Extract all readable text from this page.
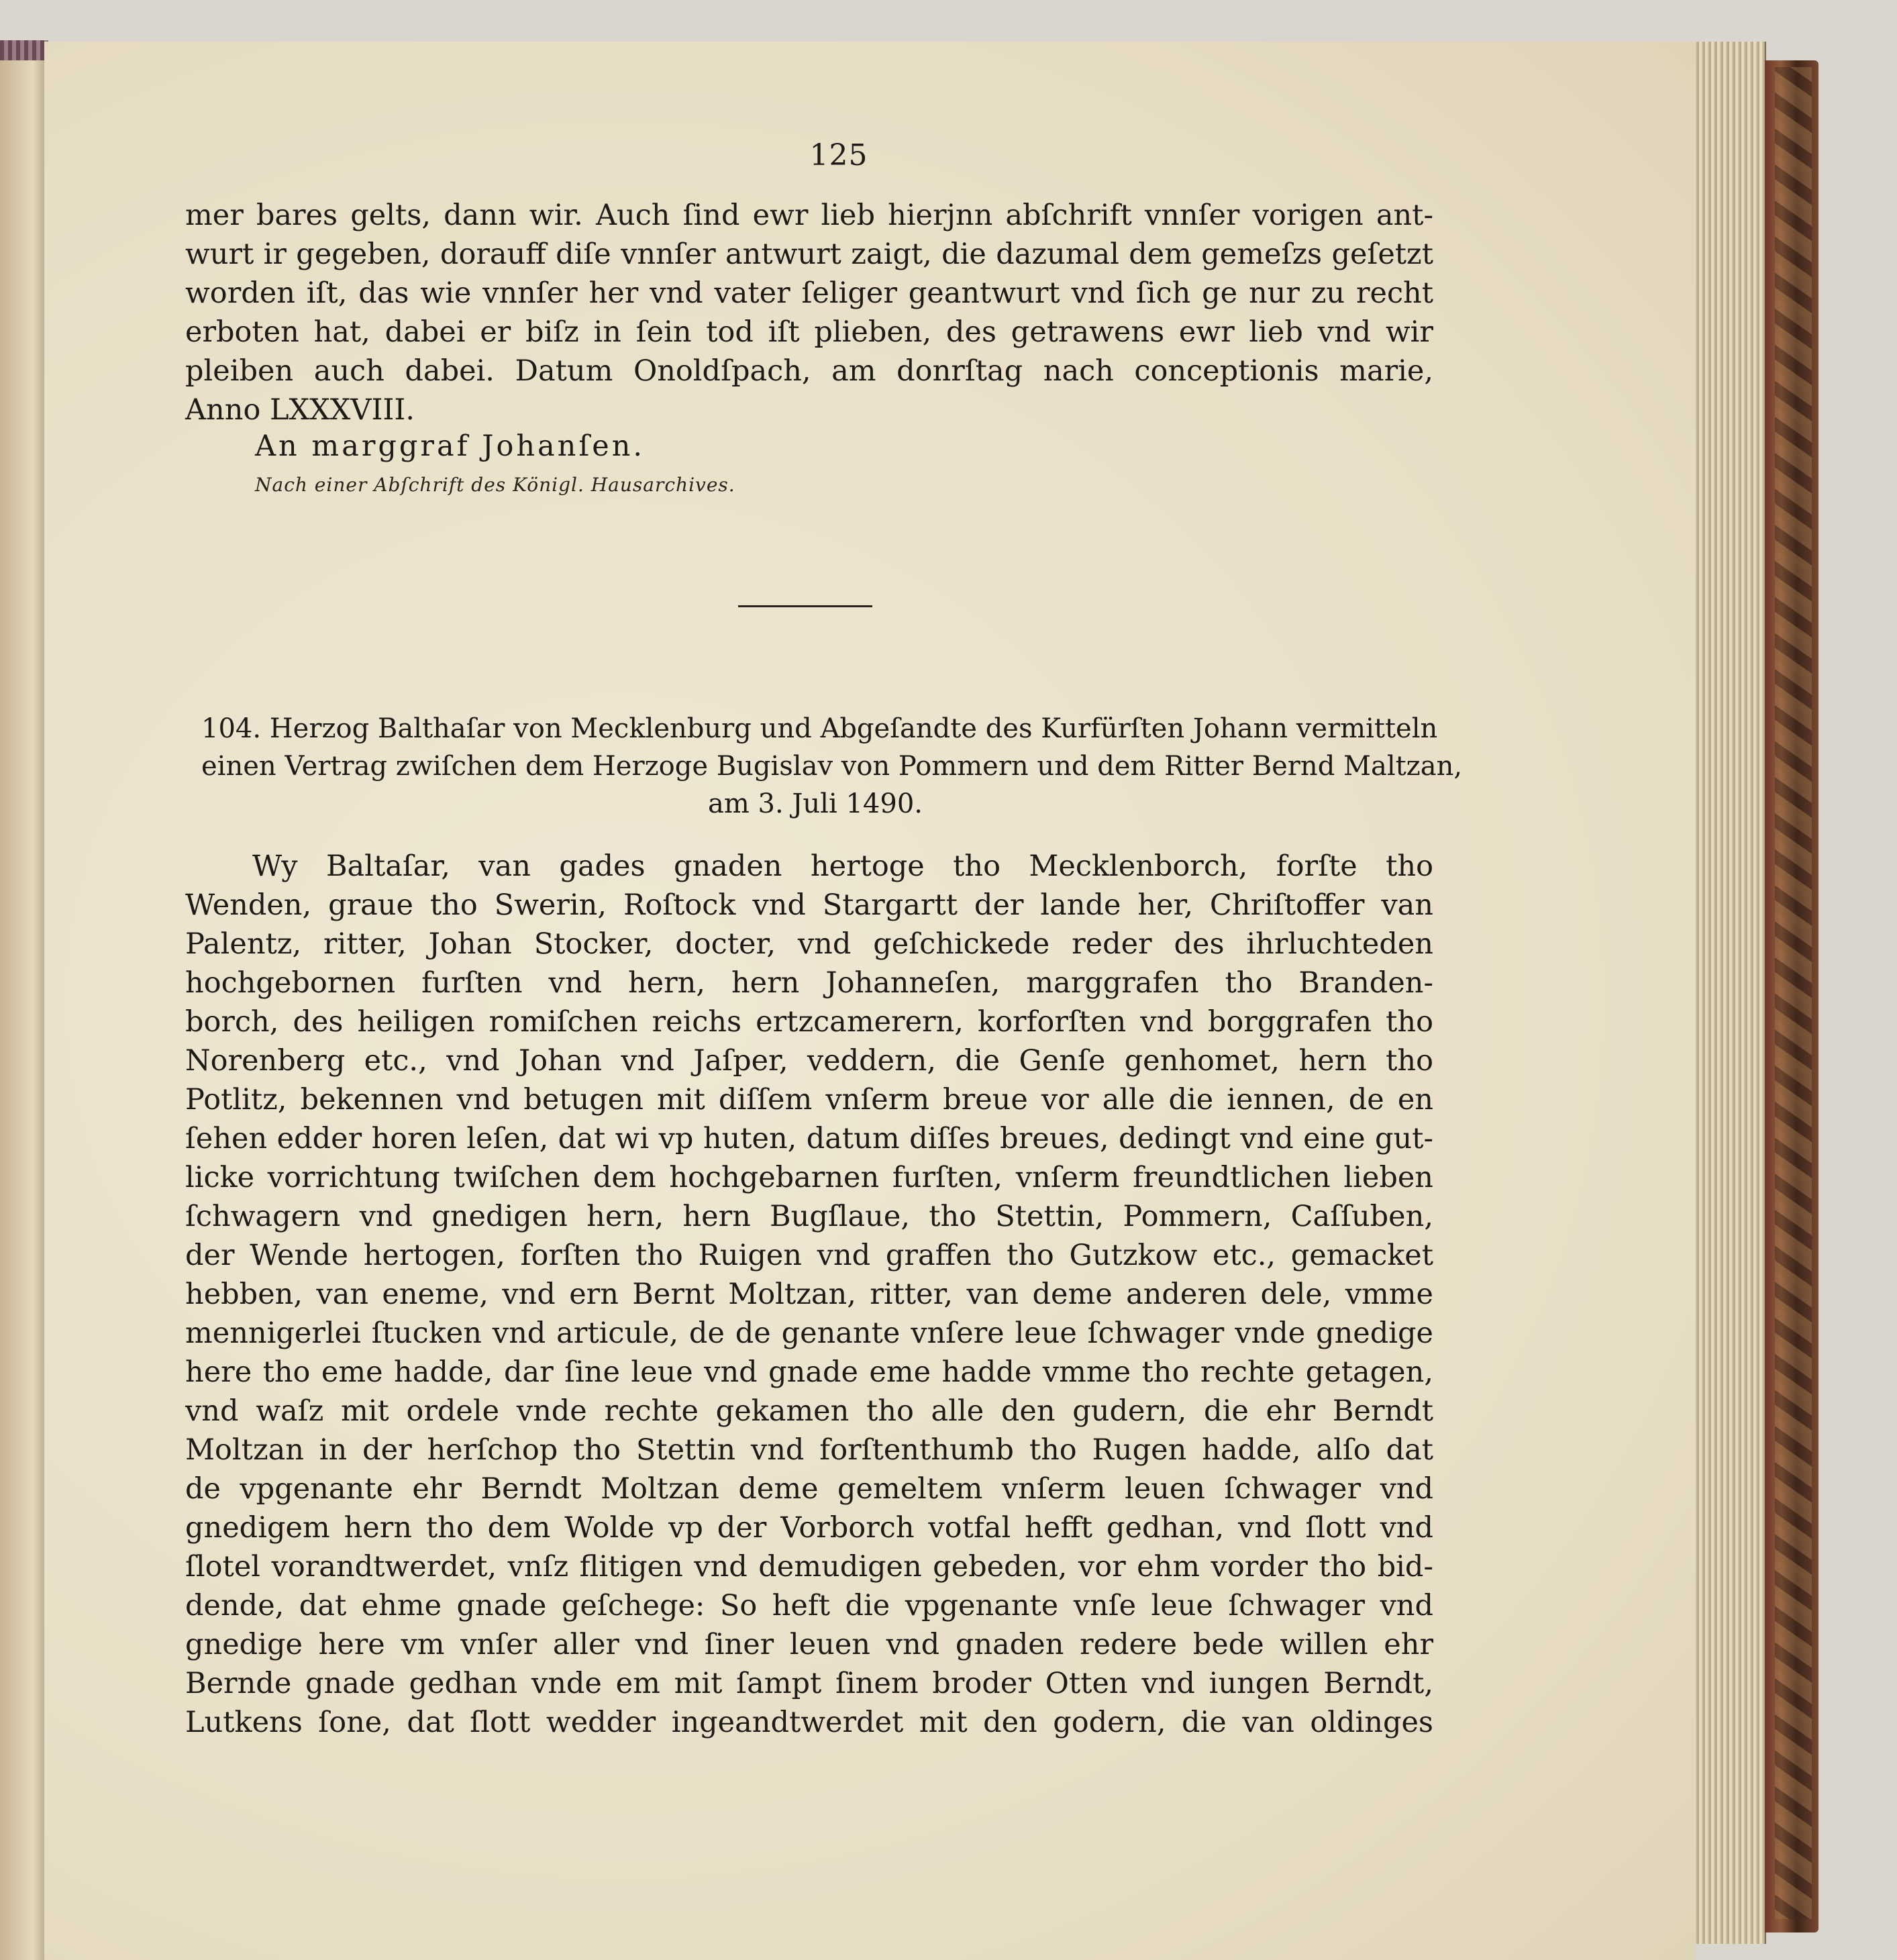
125
mer bares gelts, dann wir. Auch ſind ewr lieb hierjnn abſchrift vnnſer vorigen ant-
wurt ir gegeben, dorauff diſe vnnſer antwurt zaigt, die dazumal dem gemeſzs geſetzt
worden iſt, das wie vnnſer her vnd vater ſeliger geantwurt vnd ſich ge nur zu recht
erboten hat, dabei er biſz in ſein tod iſt plieben, des getrawens ewr lieb vnd wir
pleiben auch dabei. Datum Onoldſpach, am donrſtag nach conceptionis marie,
Anno LXXXVIII.
An marggraf Johanſen.
Nach einer Abſchrift des Königl. Hausarchives.
104. Herzog Balthaſar von Mecklenburg und Abgeſandte des Kurfürſten Johann vermitteln
einen Vertrag zwiſchen dem Herzoge Bugislav von Pommern und dem Ritter Bernd Maltzan,
am 3. Juli 1490.
Wy Baltaſar, van gades gnaden hertoge tho Mecklenborch, forſte tho
Wenden, graue tho Swerin, Roſtock vnd Stargartt der lande her, Chriſtoffer van
Palentz, ritter, Johan Stocker, docter, vnd geſchickede reder des ihrluchteden
hochgebornen furſten vnd hern, hern Johanneſen, marggrafen tho Branden-
borch, des heiligen romiſchen reichs ertzcamerern, korforſten vnd borggrafen tho
Norenberg etc., vnd Johan vnd Jaſper, veddern, die Genſe genhomet, hern tho
Potlitz, bekennen vnd betugen mit diſſem vnſerm breue vor alle die iennen, de en
ſehen edder horen leſen, dat wi vp huten, datum diſſes breues, dedingt vnd eine gut-
licke vorrichtung twiſchen dem hochgebarnen furſten, vnſerm freundtlichen lieben
ſchwagern vnd gnedigen hern, hern Bugſlaue, tho Stettin, Pommern, Caſſuben,
der Wende hertogen, forſten tho Ruigen vnd graffen tho Gutzkow etc., gemacket
hebben, van eneme, vnd ern Bernt Moltzan, ritter, van deme anderen dele, vmme
mennigerlei ſtucken vnd articule, de de genante vnſere leue ſchwager vnde gnedige
here tho eme hadde, dar ſine leue vnd gnade eme hadde vmme tho rechte getagen,
vnd waſz mit ordele vnde rechte gekamen tho alle den gudern, die ehr Berndt
Moltzan in der herſchop tho Stettin vnd forſtenthumb tho Rugen hadde, alſo dat
de vpgenante ehr Berndt Moltzan deme gemeltem vnſerm leuen ſchwager vnd
gnedigem hern tho dem Wolde vp der Vorborch votfal hefft gedhan, vnd ſlott vnd
ſlotel vorandtwerdet, vnſz flitigen vnd demudigen gebeden, vor ehm vorder tho bid-
dende, dat ehme gnade geſchege: So heft die vpgenante vnſe leue ſchwager vnd
gnedige here vm vnſer aller vnd ſiner leuen vnd gnaden redere bede willen ehr
Bernde gnade gedhan vnde em mit ſampt ſinem broder Otten vnd iungen Berndt,
Lutkens ſone, dat ſlott wedder ingeandtwerdet mit den godern, die van oldinges
